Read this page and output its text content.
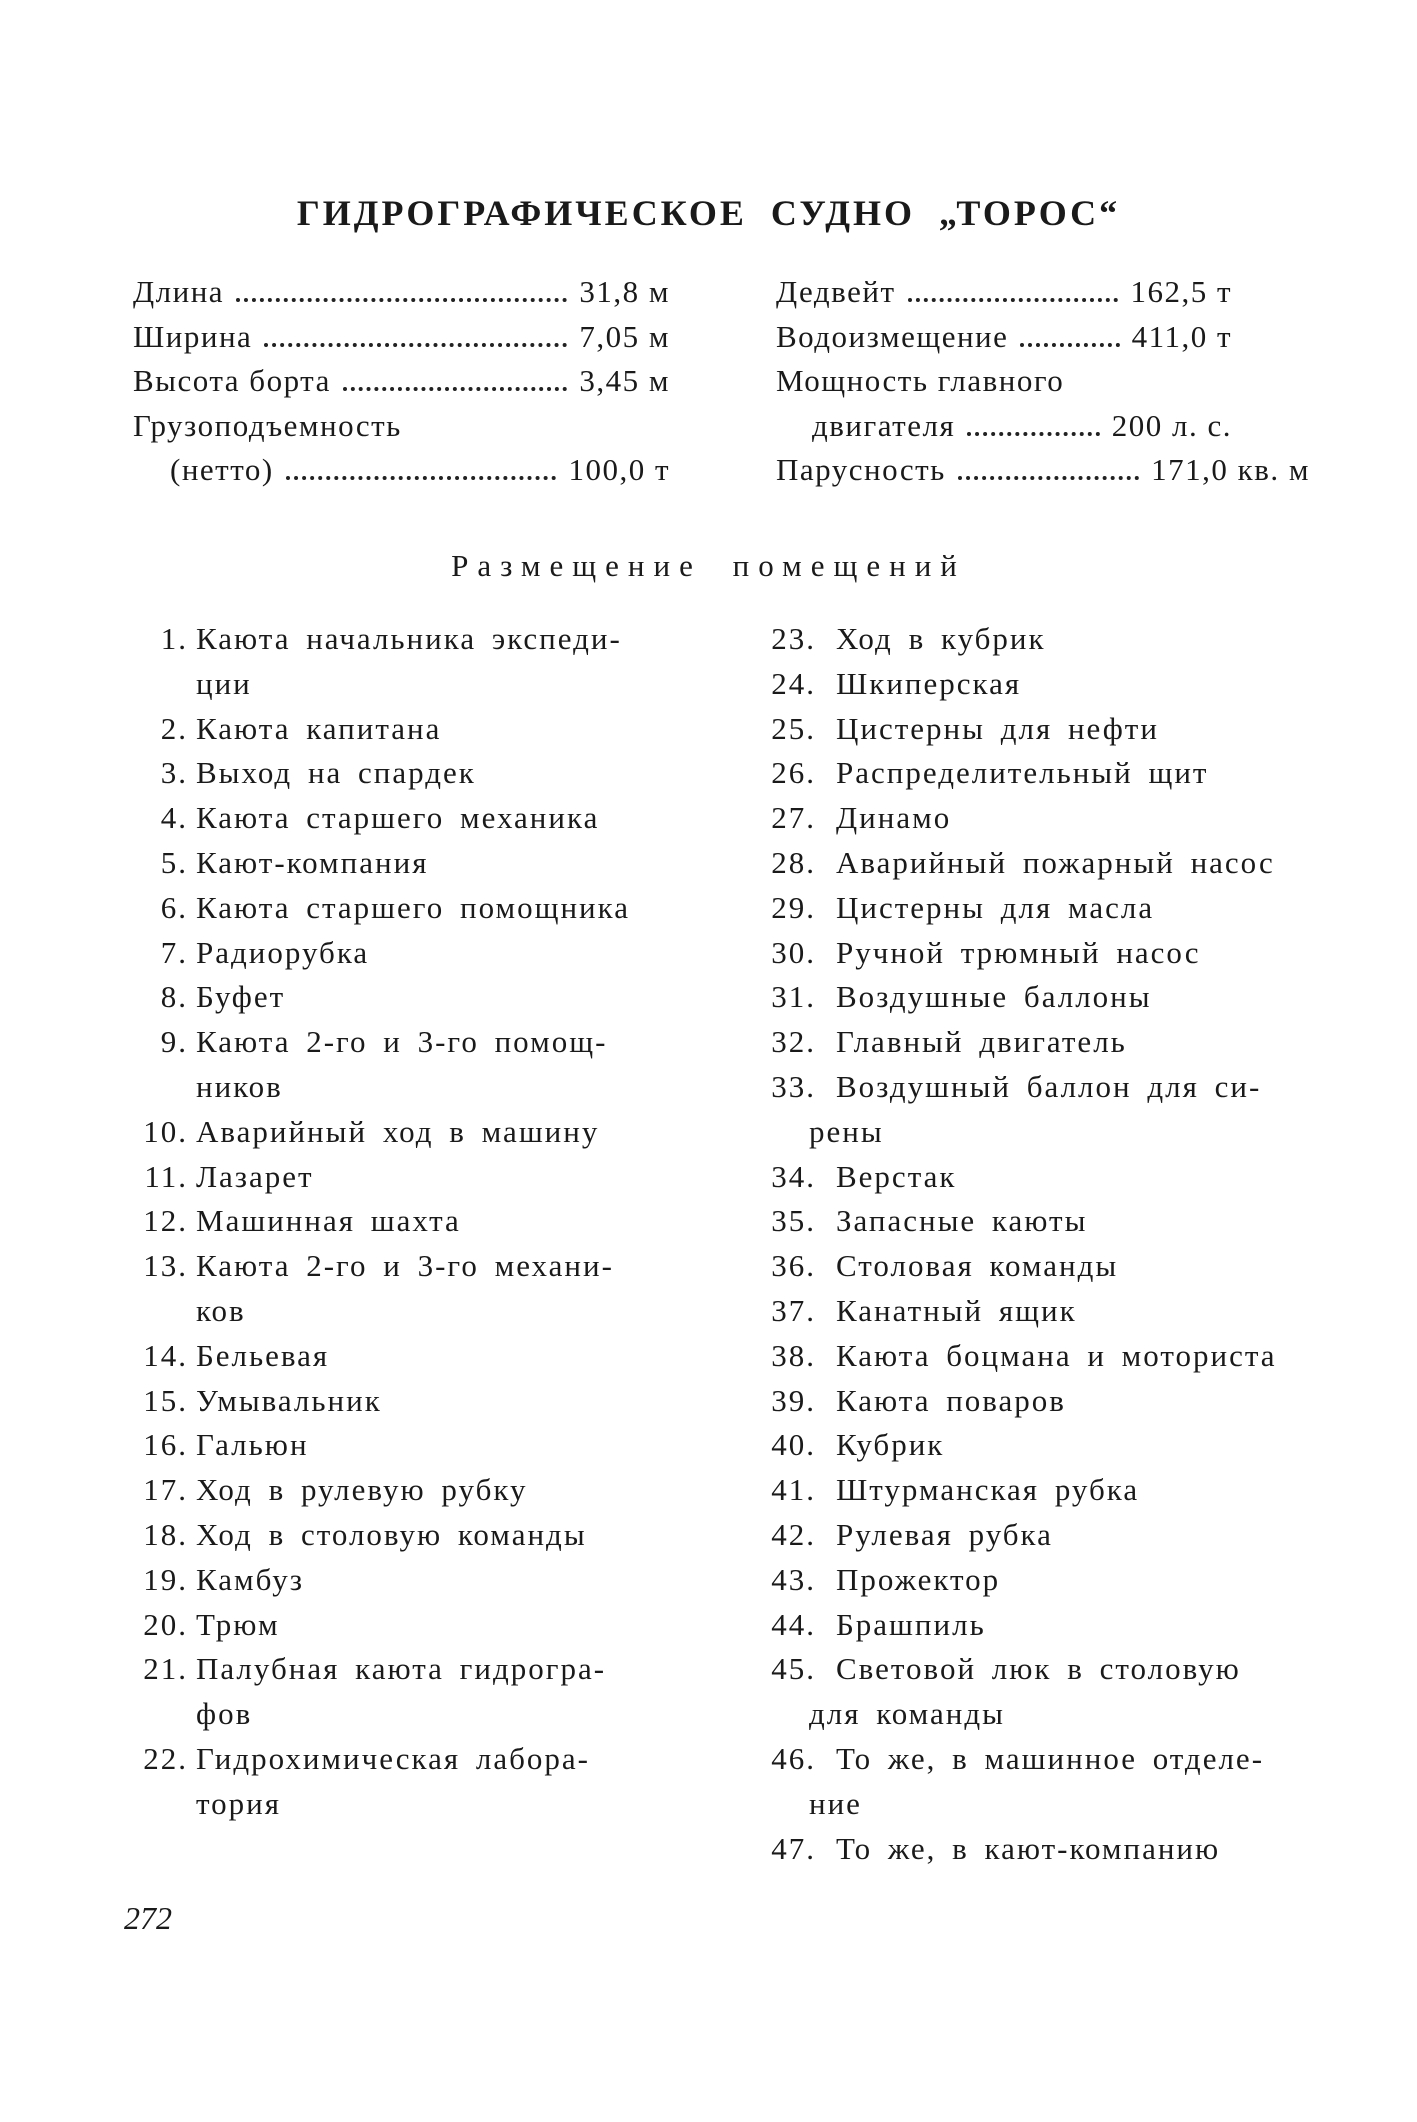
ГИДРОГРАФИЧЕСКОЕ СУДНО „ТОРОС“
Длина	31,8 м
Ширина	7,05 м
Высота борта	3,45 м
Грузоподъемность
(нетто)	100,0 т
Дедвейт	162,5 т
Водоизмещение	411,0 т
Мощность главного
двигателя	200 л. с.
Парусность	171,0 кв. м
Размещение помещений
1. Каюта начальника экспеди-
ции
2. Каюта капитана
3. Выход на спардек
4. Каюта старшего механика
5. Кают-компания
6. Каюта старшего помощника
7. Радиорубка
8. Буфет
9. Каюта 2-го и 3-го помощ-
ников
10. Аварийный ход в машину
11. Лазарет
12. Машинная шахта
13. Каюта 2-го и 3-го механи-
ков
14. Бельевая
15. Умывальник
16. Гальюн
17. Ход в рулевую рубку
18. Ход в столовую команды
19. Камбуз
20. Трюм
21. Палубная каюта гидрогра-
фов
22. Гидрохимическая лабора-
тория
23. Ход в кубрик
24. Шкиперская
25. Цистерны для нефти
26. Распределительный щит
27. Динамо
28. Аварийный пожарный насос
29. Цистерны для масла
30. Ручной трюмный насос
31. Воздушные баллоны
32. Главный двигатель
33. Воздушный баллон для си-
рены
34. Верстак
35. Запасные каюты
36. Столовая команды
37. Канатный ящик
38. Каюта боцмана и моториста
39. Каюта поваров
40. Кубрик
41. Штурманская рубка
42. Рулевая рубка
43. Прожектор
44. Брашпиль
45. Световой люк в столовую
для команды
46. То же, в машинное отделе-
ние
47. То же, в кают-компанию
272
